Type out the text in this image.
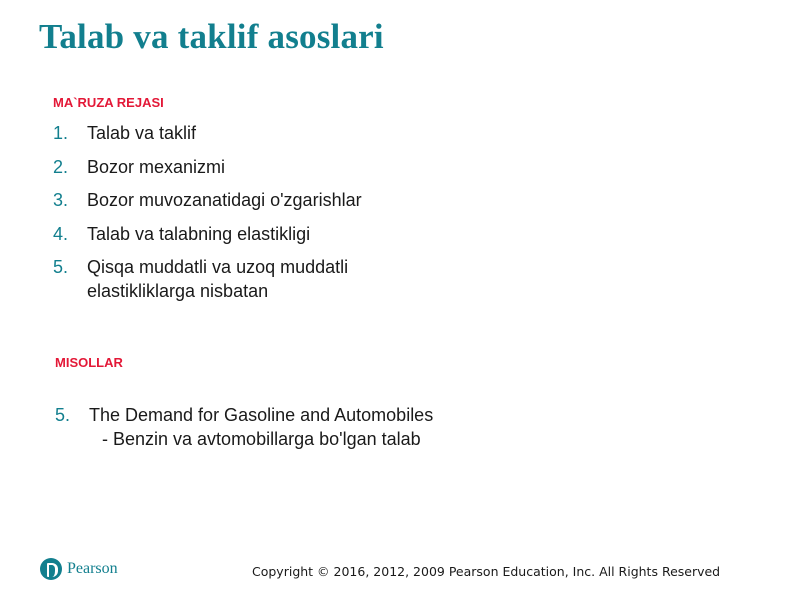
Talab va taklif asoslari
MA`RUZA REJASI
1.	Talab va taklif
2.	Bozor mexanizmi
3.	Bozor muvozanatidagi o'zgarishlar
4.	Talab va talabning elastikligi
5.	Qisqa muddatli va uzoq muddatli elastikliklarga nisbatan
MISOLLAR
5.	The Demand for Gasoline and Automobiles
- Benzin va avtomobillarga bo'lgan talab
Pearson	Copyright © 2016, 2012, 2009 Pearson Education, Inc. All Rights Reserved
